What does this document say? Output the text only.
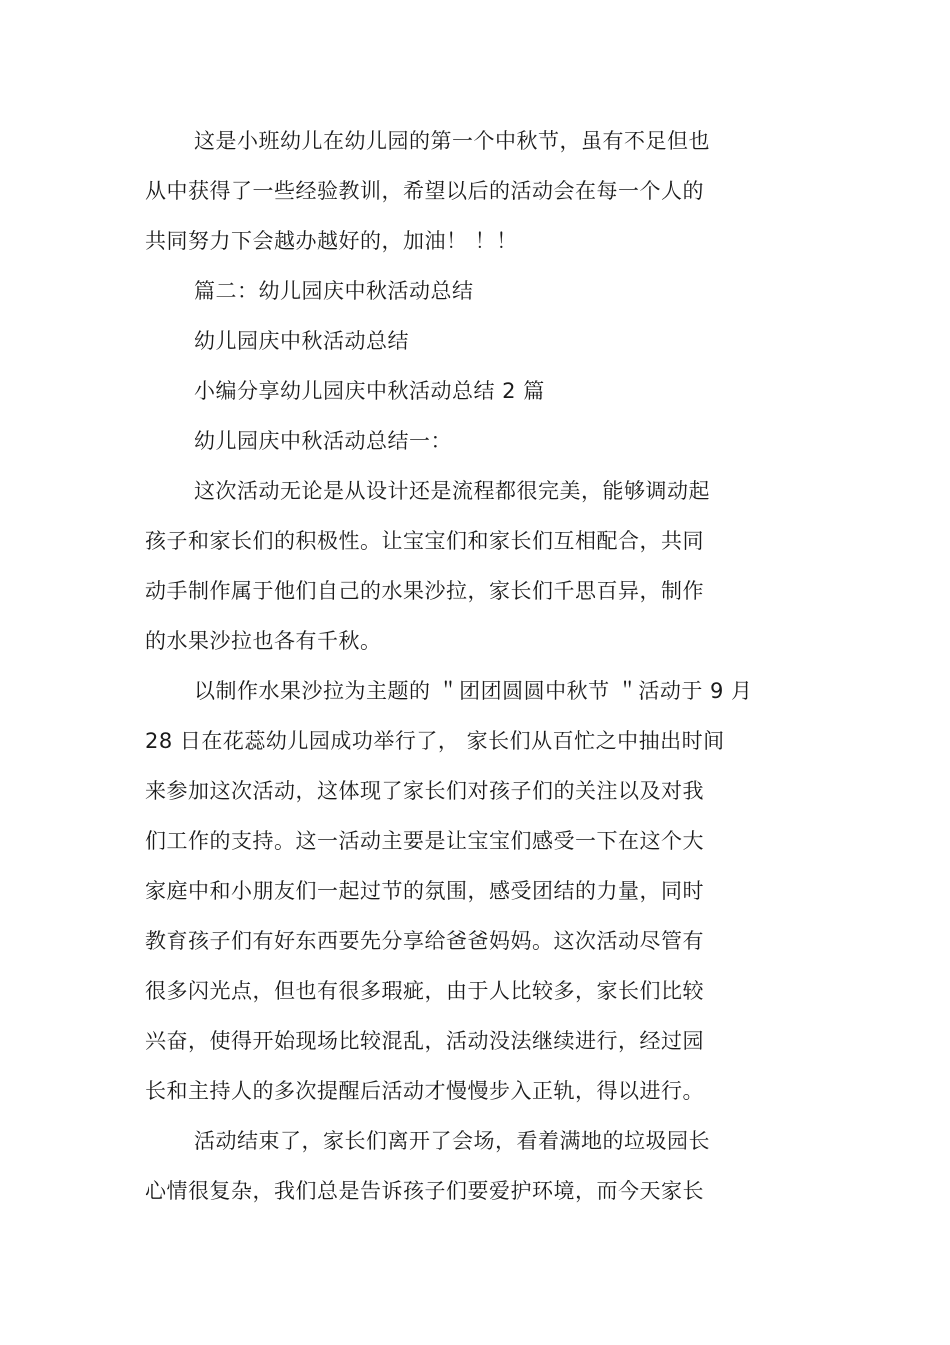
这是小班幼儿在幼儿园的第一个中秋节，虽有不足但也
从中获得了一些经验教训，希望以后的活动会在每一个人的
共同努力下会越办越好的，加油！ ！！
篇二：幼儿园庆中秋活动总结
幼儿园庆中秋活动总结
小编分享幼儿园庆中秋活动总结 2 篇
幼儿园庆中秋活动总结一：
这次活动无论是从设计还是流程都很完美，能够调动起
孩子和家长们的积极性。让宝宝们和家长们互相配合，共同
动手制作属于他们自己的水果沙拉，家长们千思百异，制作
的水果沙拉也各有千秋。
以制作水果沙拉为主题的 ＂团团圆圆中秋节 ＂活动于 9 月
28 日在花蕊幼儿园成功举行了， 家长们从百忙之中抽出时间
来参加这次活动，这体现了家长们对孩子们的关注以及对我
们工作的支持。这一活动主要是让宝宝们感受一下在这个大
家庭中和小朋友们一起过节的氛围，感受团结的力量，同时
教育孩子们有好东西要先分享给爸爸妈妈。这次活动尽管有
很多闪光点，但也有很多瑕疵，由于人比较多，家长们比较
兴奋，使得开始现场比较混乱，活动没法继续进行，经过园
长和主持人的多次提醒后活动才慢慢步入正轨，得以进行。
活动结束了，家长们离开了会场，看着满地的垃圾园长
心情很复杂，我们总是告诉孩子们要爱护环境，而今天家长
